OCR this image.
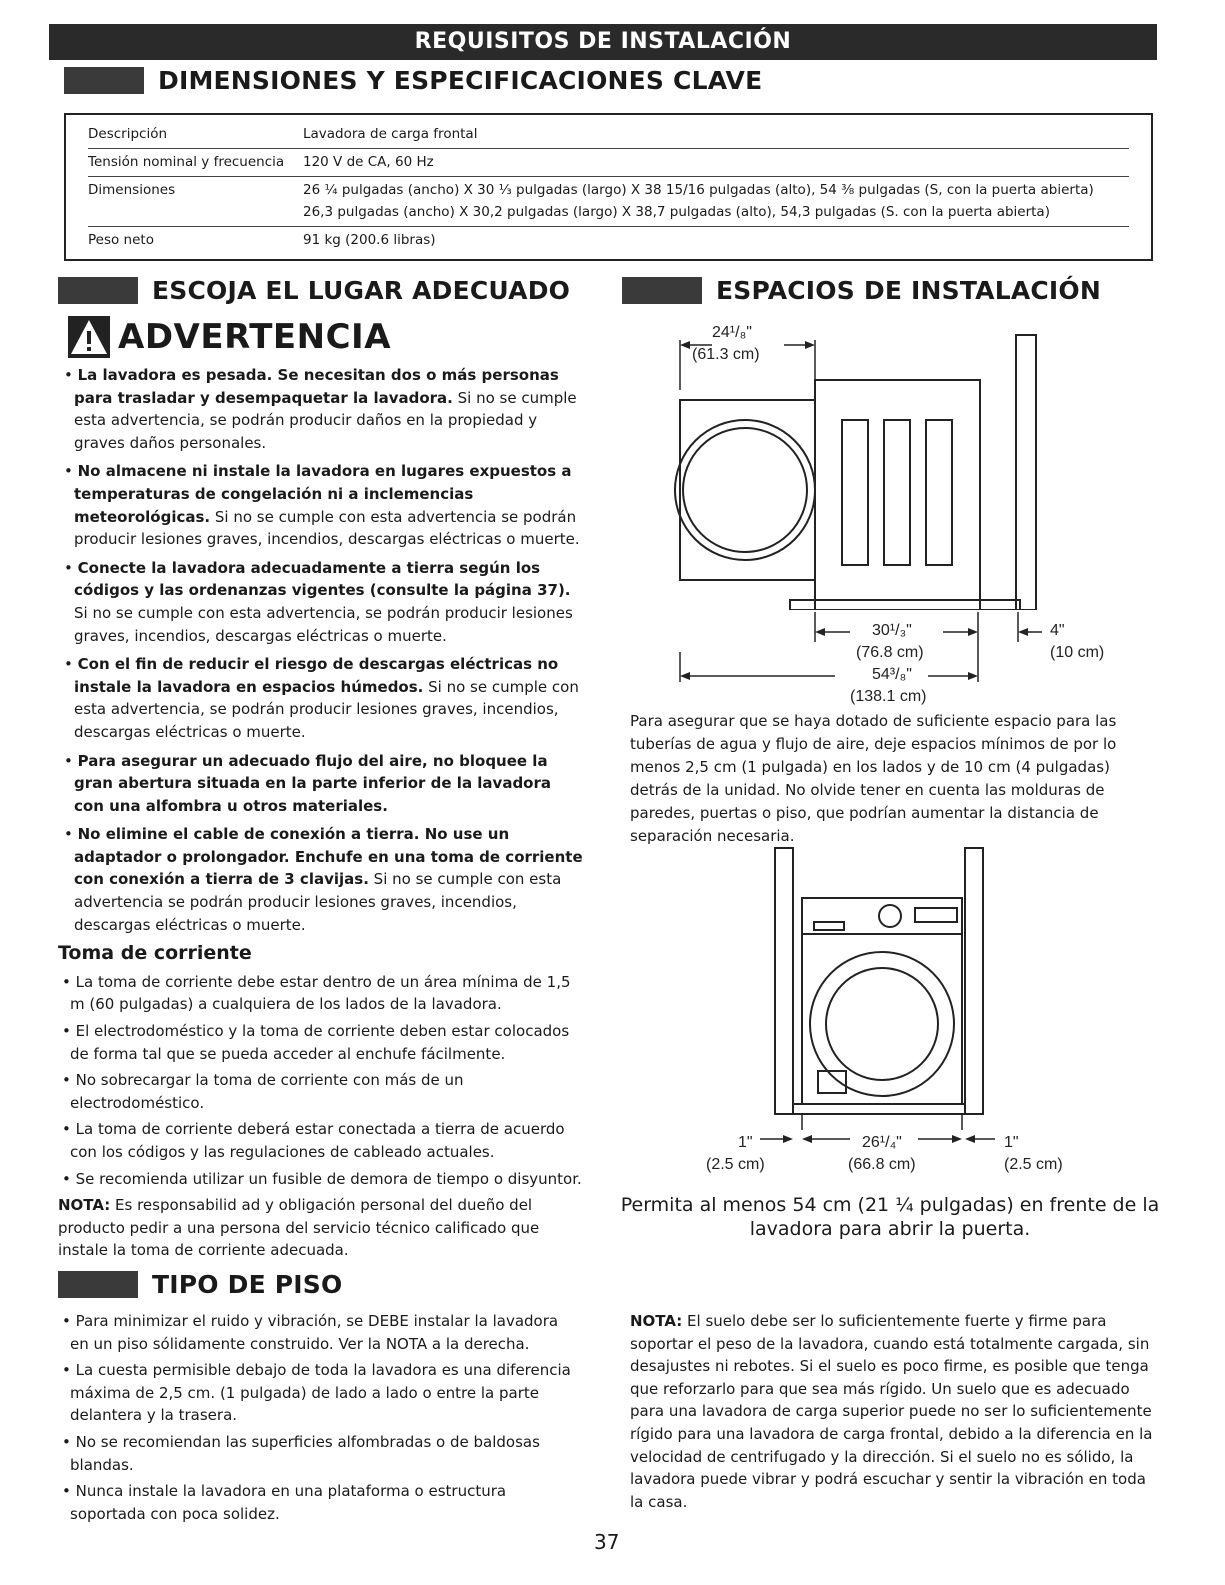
REQUISITOS DE INSTALACIÓN
DIMENSIONES Y ESPECIFICACIONES CLAVE
Descripción	Lavadora de carga frontal
Tensión nominal y frecuencia	120 V de CA, 60 Hz
Dimensiones	26 ¼ pulgadas (ancho) X 30 ⅓ pulgadas (largo) X 38 15/16 pulgadas (alto), 54 ⅜ pulgadas (S, con la puerta abierta)
26,3 pulgadas (ancho) X 30,2 pulgadas (largo) X 38,7 pulgadas (alto), 54,3 pulgadas (S. con la puerta abierta)
Peso neto	91 kg (200.6 libras)
ESCOJA EL LUGAR ADECUADO
ADVERTENCIA
• La lavadora es pesada. Se necesitan dos o más personas para trasladar y desempaquetar la lavadora. Si no se cumple esta advertencia, se podrán producir daños en la propiedad y graves daños personales.
• No almacene ni instale la lavadora en lugares expuestos a temperaturas de congelación ni a inclemencias meteorológicas. Si no se cumple con esta advertencia se podrán producir lesiones graves, incendios, descargas eléctricas o muerte.
• Conecte la lavadora adecuadamente a tierra según los códigos y las ordenanzas vigentes (consulte la página 37). Si no se cumple con esta advertencia, se podrán producir lesiones graves, incendios, descargas eléctricas o muerte.
• Con el fin de reducir el riesgo de descargas eléctricas no instale la lavadora en espacios húmedos. Si no se cumple con esta advertencia, se podrán producir lesiones graves, incendios, descargas eléctricas o muerte.
• Para asegurar un adecuado flujo del aire, no bloquee la gran abertura situada en la parte inferior de la lavadora con una alfombra u otros materiales.
• No elimine el cable de conexión a tierra. No use un adaptador o prolongador. Enchufe en una toma de corriente con conexión a tierra de 3 clavijas. Si no se cumple con esta advertencia se podrán producir lesiones graves, incendios, descargas eléctricas o muerte.
Toma de corriente
• La toma de corriente debe estar dentro de un área mínima de 1,5 m (60 pulgadas) a cualquiera de los lados de la lavadora.
• El electrodoméstico y la toma de corriente deben estar colocados de forma tal que se pueda acceder al enchufe fácilmente.
• No sobrecargar la toma de corriente con más de un electrodoméstico.
• La toma de corriente deberá estar conectada a tierra de acuerdo con los códigos y las regulaciones de cableado actuales.
• Se recomienda utilizar un fusible de demora de tiempo o disyuntor.
NOTA: Es responsabilid ad y obligación personal del dueño del producto pedir a una persona del servicio técnico calificado que instale la toma de corriente adecuada.
ESPACIOS DE INSTALACIÓN
24¹/₈"
(61.3 cm)
30¹/₃"
(76.8 cm)
4"
(10 cm)
54³/₈"
(138.1 cm)
Para asegurar que se haya dotado de suficiente espacio para las tuberías de agua y flujo de aire, deje espacios mínimos de por lo menos 2,5 cm (1 pulgada) en los lados y de 10 cm (4 pulgadas) detrás de la unidad. No olvide tener en cuenta las molduras de paredes, puertas o piso, que podrían aumentar la distancia de separación necesaria.
1"
(2.5 cm)
26¹/₄"
(66.8 cm)
1"
(2.5 cm)
Permita al menos 54 cm (21 ¼ pulgadas) en frente de la lavadora para abrir la puerta.
TIPO DE PISO
• Para minimizar el ruido y vibración, se DEBE instalar la lavadora en un piso sólidamente construido. Ver la NOTA a la derecha.
• La cuesta permisible debajo de toda la lavadora es una diferencia máxima de 2,5 cm. (1 pulgada) de lado a lado o entre la parte delantera y la trasera.
• No se recomiendan las superficies alfombradas o de baldosas blandas.
• Nunca instale la lavadora en una plataforma o estructura soportada con poca solidez.
NOTA: El suelo debe ser lo suficientemente fuerte y firme para soportar el peso de la lavadora, cuando está totalmente cargada, sin desajustes ni rebotes. Si el suelo es poco firme, es posible que tenga que reforzarlo para que sea más rígido. Un suelo que es adecuado para una lavadora de carga superior puede no ser lo suficientemente rígido para una lavadora de carga frontal, debido a la diferencia en la velocidad de centrifugado y la dirección. Si el suelo no es sólido, la lavadora puede vibrar y podrá escuchar y sentir la vibración en toda la casa.
37
